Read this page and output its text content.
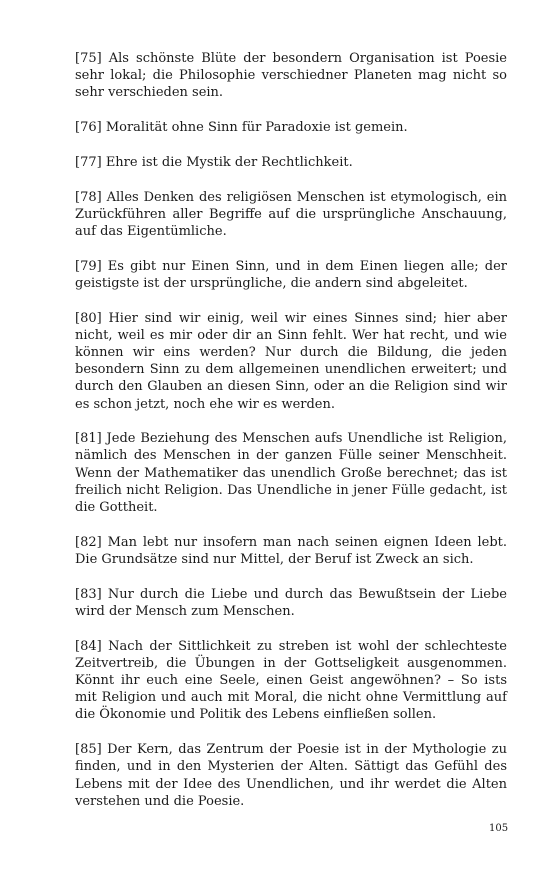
[75] Als schönste Blüte der besondern Organisation ist Poesie sehr lokal; die Philosophie verschiedner Planeten mag nicht so sehr verschieden sein.

[76] Moralität ohne Sinn für Paradoxie ist gemein.

[77] Ehre ist die Mystik der Rechtlichkeit.

[78] Alles Denken des religiösen Menschen ist etymologisch, ein Zurückführen aller Begriffe auf die ursprüngliche Anschauung, auf das Eigentümliche.

[79] Es gibt nur Einen Sinn, und in dem Einen liegen alle; der geistigste ist der ursprüngliche, die andern sind abgeleitet.

[80] Hier sind wir einig, weil wir eines Sinnes sind; hier aber nicht, weil es mir oder dir an Sinn fehlt. Wer hat recht, und wie können wir eins werden? Nur durch die Bildung, die jeden besondern Sinn zu dem allgemeinen unendlichen erweitert; und durch den Glauben an diesen Sinn, oder an die Religion sind wir es schon jetzt, noch ehe wir es werden.

[81] Jede Beziehung des Menschen aufs Unendliche ist Religion, nämlich des Menschen in der ganzen Fülle seiner Menschheit. Wenn der Mathematiker das unendlich Große berechnet; das ist freilich nicht Religion. Das Unendliche in jener Fülle gedacht, ist die Gottheit.

[82] Man lebt nur insofern man nach seinen eignen Ideen lebt. Die Grundsätze sind nur Mittel, der Beruf ist Zweck an sich.

[83] Nur durch die Liebe und durch das Bewußtsein der Liebe wird der Mensch zum Menschen.

[84] Nach der Sittlichkeit zu streben ist wohl der schlechteste Zeitvertreib, die Übungen in der Gottseligkeit ausgenommen. Könnt ihr euch eine Seele, einen Geist angewöhnen? – So ists mit Religion und auch mit Moral, die nicht ohne Vermittlung auf die Ökonomie und Politik des Lebens einfließen sollen.

[85] Der Kern, das Zentrum der Poesie ist in der Mythologie zu finden, und in den Mysterien der Alten. Sättigt das Gefühl des Lebens mit der Idee des Unendlichen, und ihr werdet die Alten verstehen und die Poesie.

105
